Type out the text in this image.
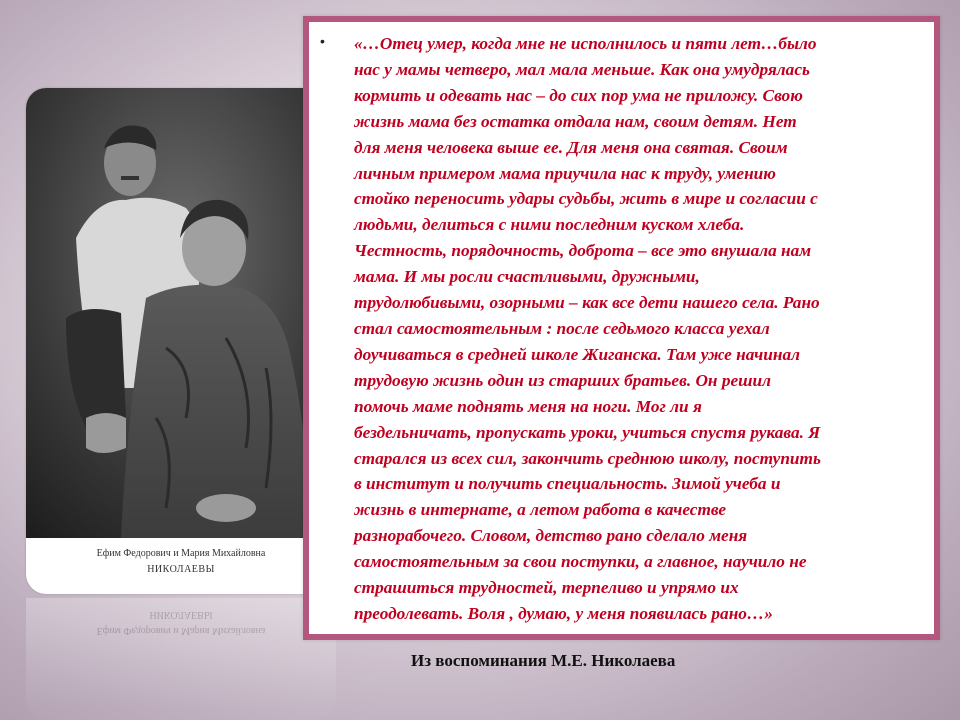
Ефим Федорович и Мария Михайловна
НИКОЛАЕВЫ
Ефим Федорович и Мария Михайловна
НИКОЛАЕВЫ
• «…Отец умер, когда мне не исполнилось и пяти лет…было
нас у мамы четверо, мал мала меньше. Как она умудрялась
кормить и одевать нас – до сих пор ума не приложу. Свою
жизнь мама без остатка отдала нам, своим детям. Нет
для меня человека выше ее. Для меня она святая. Своим
личным примером мама приучила нас к труду, умению
стойко переносить удары судьбы, жить в мире и согласии с
людьми, делиться с ними последним куском хлеба.
Честность, порядочность, доброта – все это внушала нам
мама. И мы росли счастливыми, дружными,
трудолюбивыми, озорными – как все дети нашего села. Рано
стал самостоятельным : после седьмого класса уехал
доучиваться в средней школе Жиганска. Там уже начинал
трудовую жизнь один из старших братьев. Он решил
помочь маме поднять меня на ноги. Мог ли я
бездельничать, пропускать уроки, учиться спустя рукава. Я
старался из всех сил, закончить среднюю школу, поступить
в институт и получить специальность. Зимой учеба и
жизнь в интернате, а летом работа в качестве
разнорабочего. Словом, детство рано сделало меня
самостоятельным за свои поступки, а главное, научило не
страшиться трудностей, терпеливо и упрямо их
преодолевать. Воля , думаю, у меня появилась рано…»

Из воспоминания М.Е. Николаева
